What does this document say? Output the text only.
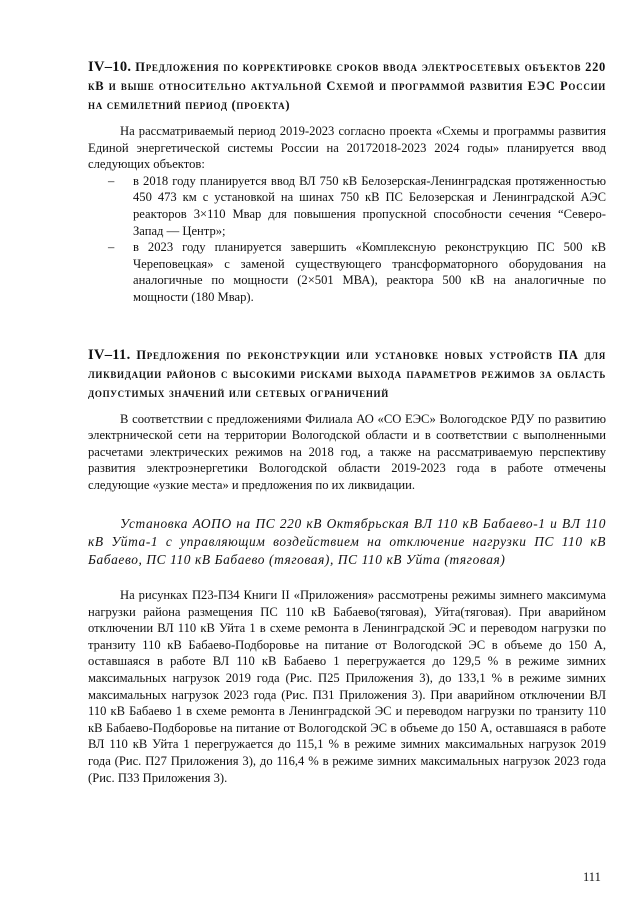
IV–10. Предложения по корректировке сроков ввода электросетевых объектов 220 кВ и выше относительно актуальной Схемой и программой развития ЕЭС России на семилетний период (проекта)

На рассматриваемый период 2019-2023 согласно проекта «Схемы и программы развития Единой энергетической системы России на 20172018-2023 2024 годы» планируется ввод следующих объектов:

– в 2018 году планируется ввод ВЛ 750 кВ Белозерская-Ленинградская протяженностью 450 473 км с установкой на шинах 750 кВ ПС Белозерская и Ленинградской АЭС реакторов 3×110 Мвар для повышения пропускной способности сечения “Северо-Запад — Центр»;
– в 2023 году планируется завершить «Комплексную реконструкцию ПС 500 кВ Череповецкая» с заменой существующего трансформаторного оборудования на аналогичные по мощности (2×501 МВА), реактора 500 кВ на аналогичные по мощности (180 Мвар).

IV–11. Предложения по реконструкции или установке новых устройств ПА для ликвидации районов с высокими рисками выхода параметров режимов за область допустимых значений или сетевых ограничений

В соответствии с предложениями Филиала АО «СО ЕЭС» Вологодское РДУ по развитию электрнической сети на территории Вологодской области и в соответствии с выполненными расчетами электрических режимов на 2018 год, а также на рассматриваемую перспективу развития электроэнергетики Вологодской области 2019-2023 года в работе отмечены следующие «узкие места» и предложения по их ликвидации.

Установка АОПО на ПС 220 кВ Октябрьская ВЛ 110 кВ Бабаево-1 и ВЛ 110 кВ Уйта-1 с управляющим воздействием на отключение нагрузки ПС 110 кВ Бабаево, ПС 110 кВ Бабаево (тяговая), ПС 110 кВ Уйта (тяговая)

На рисунках П23-П34 Книги II «Приложения» рассмотрены режимы зимнего максимума нагрузки района размещения ПС 110 кВ Бабаево(тяговая), Уйта(тяговая). При аварийном отключении ВЛ 110 кВ Уйта 1 в схеме ремонта в Ленинградской ЭС и переводом нагрузки по транзиту 110 кВ Бабаево-Подборовье на питание от Вологодской ЭС в объеме до 150 А, оставшаяся в работе ВЛ 110 кВ Бабаево 1 перегружается до 129,5 % в режиме зимних максимальных нагрузок 2019 года (Рис. П25 Приложения 3), до 133,1 % в режиме зимних максимальных нагрузок 2023 года (Рис. П31 Приложения 3). При аварийном отключении ВЛ 110 кВ Бабаево 1 в схеме ремонта в Ленинградской ЭС и переводом нагрузки по транзиту 110 кВ Бабаево-Подборовье на питание от Вологодской ЭС в объеме до 150 А, оставшаяся в работе ВЛ 110 кВ Уйта 1 перегружается до 115,1 % в режиме зимних максимальных нагрузок 2019 года (Рис. П27 Приложения 3), до 116,4 % в режиме зимних максимальных нагрузок 2023 года (Рис. П33 Приложения 3).

111
